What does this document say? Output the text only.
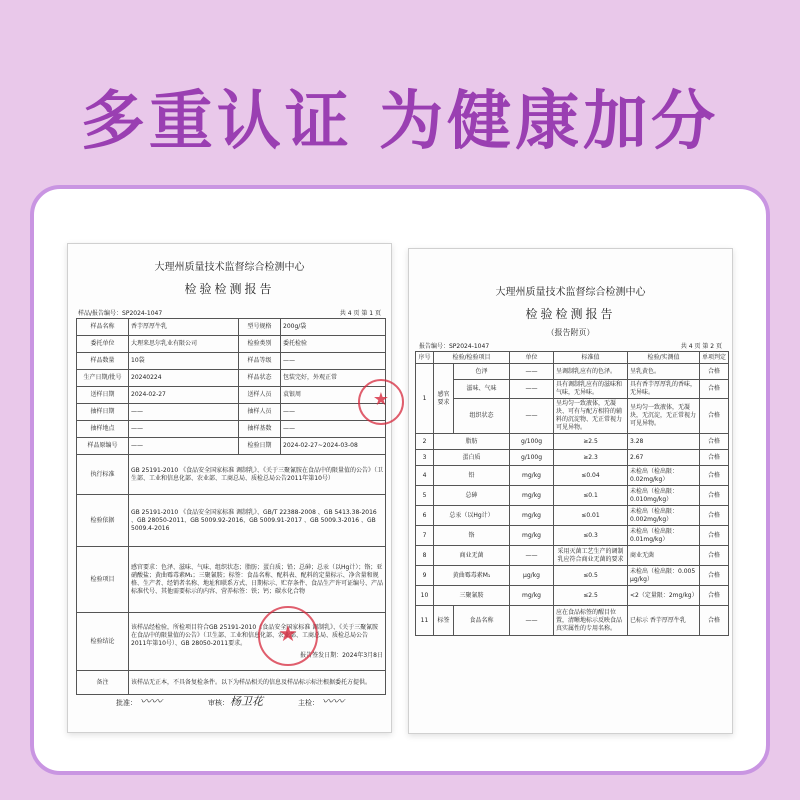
多重认证 为健康加分
大理州质量技术监督综合检测中心
检验检测报告
样品/报告编号：SP2024-1047	共 4 页 第 1 页
样品名称	香芋厚厚牛乳	型号规格	200g/袋
委托单位	大理来思尔乳业有限公司	检验类别	委托检验
样品数量	10袋	样品等级	——
生产日期/批号	20240224	样品状态	包装完好，外观正常
送样日期	2024-02-27	送样人员	袁银周
抽样日期	——	抽样人员	——
抽样地点	——	抽样基数	——
样品原编号	——	检验日期	2024-02-27~2024-03-08
执行标准	GB 25191-2010 《食品安全国家标准 调制乳》、《关于三聚氰胺在食品中的限量值的公告》（卫生部、工业和信息化部、农业部、工商总局、质检总局公告2011年第10号）		
检验依据	GB 25191-2010 《食品安全国家标准 调制乳》、GB/T 22388-2008 、GB 5413.38-2016 、GB 28050-2011、GB 5009.92-2016、GB 5009.91-2017 、GB 5009.3-2016 、GB 5009.4-2016		
检验项目	感官要求：色泽、滋味、气味、组织状态；脂肪；蛋白质；铅；总砷；总汞（以Hg计）；铬；亚硝酸盐；黄曲霉毒素M₁；三聚氰胺；标签：食品名称、配料表、配料的定量标示、净含量和规格、生产者、经销者名称、地址和联系方式、日期标示、贮存条件、食品生产许可证编号、产品标准代号、其他需要标示的内容、营养标签：铁；钙；碳水化合物		
检验结论	该样品经检验，所检项目符合GB 25191-2010《食品安全国家标准 调制乳》、《关于三聚氰胺在食品中的限量值的公告》（卫生部、工业和信息化部、农业部、工商总局、质检总局公告2011年第10号）、GB 28050-2011要求。
报告签发日期：2024年3月8日		

备注	该样品无正本，不具备复检条件。以下为样品相关的信息及样品标示标注根据委托方提供。		
批准： 〰〰	审核： 杨卫花	主检： 〰〰
★
★
大理州质量技术监督综合检测中心
检验检测报告
（报告附页）
报告编号：SP2024-1047	共 4 页 第 2 页
序号	检验/检验项目		单位	标准值	检验/实测值	单项判定
1	感官要求	色泽	——	呈调制乳应有的色泽。	呈乳黄色。	合格
		滋味、气味	——	具有调制乳应有的滋味和气味，无异味。	具有香芋厚厚乳的香味，无异味。	合格
		组织状态	——	呈均匀一致液体，无凝块、可有与配方相符的辅料的沉淀物、无正常视力可见异物。	呈均匀一致液体，无凝块，无沉淀，无正常视力可见异物。	合格
2	脂肪		g/100g	≥2.5	3.28	合格
3	蛋白质		g/100g	≥2.3	2.67	合格
4	铅		mg/kg	≤0.04	未检出（检出限：0.02mg/kg）	合格
5	总砷		mg/kg	≤0.1	未检出（检出限：0.010mg/kg）	合格
6	总汞（以Hg计）		mg/kg	≤0.01	未检出（检出限：0.002mg/kg）	合格
7	铬		mg/kg	≤0.3	未检出（检出限：0.01mg/kg）	合格
8	商业无菌		——	采用灭菌工艺生产的调制乳应符合商业无菌的要求	商业无菌	合格
9	黄曲霉毒素M₁		μg/kg	≤0.5	未检出（检出限：0.005 μg/kg）	合格
10	三聚氰胺		mg/kg	≤2.5	<2（定量限：2mg/kg）	合格
11	标签	食品名称	——	应在食品标签的醒目位置，清晰地标示反映食品真实属性的专用名称。	已标示 香芋厚厚牛乳	合格
